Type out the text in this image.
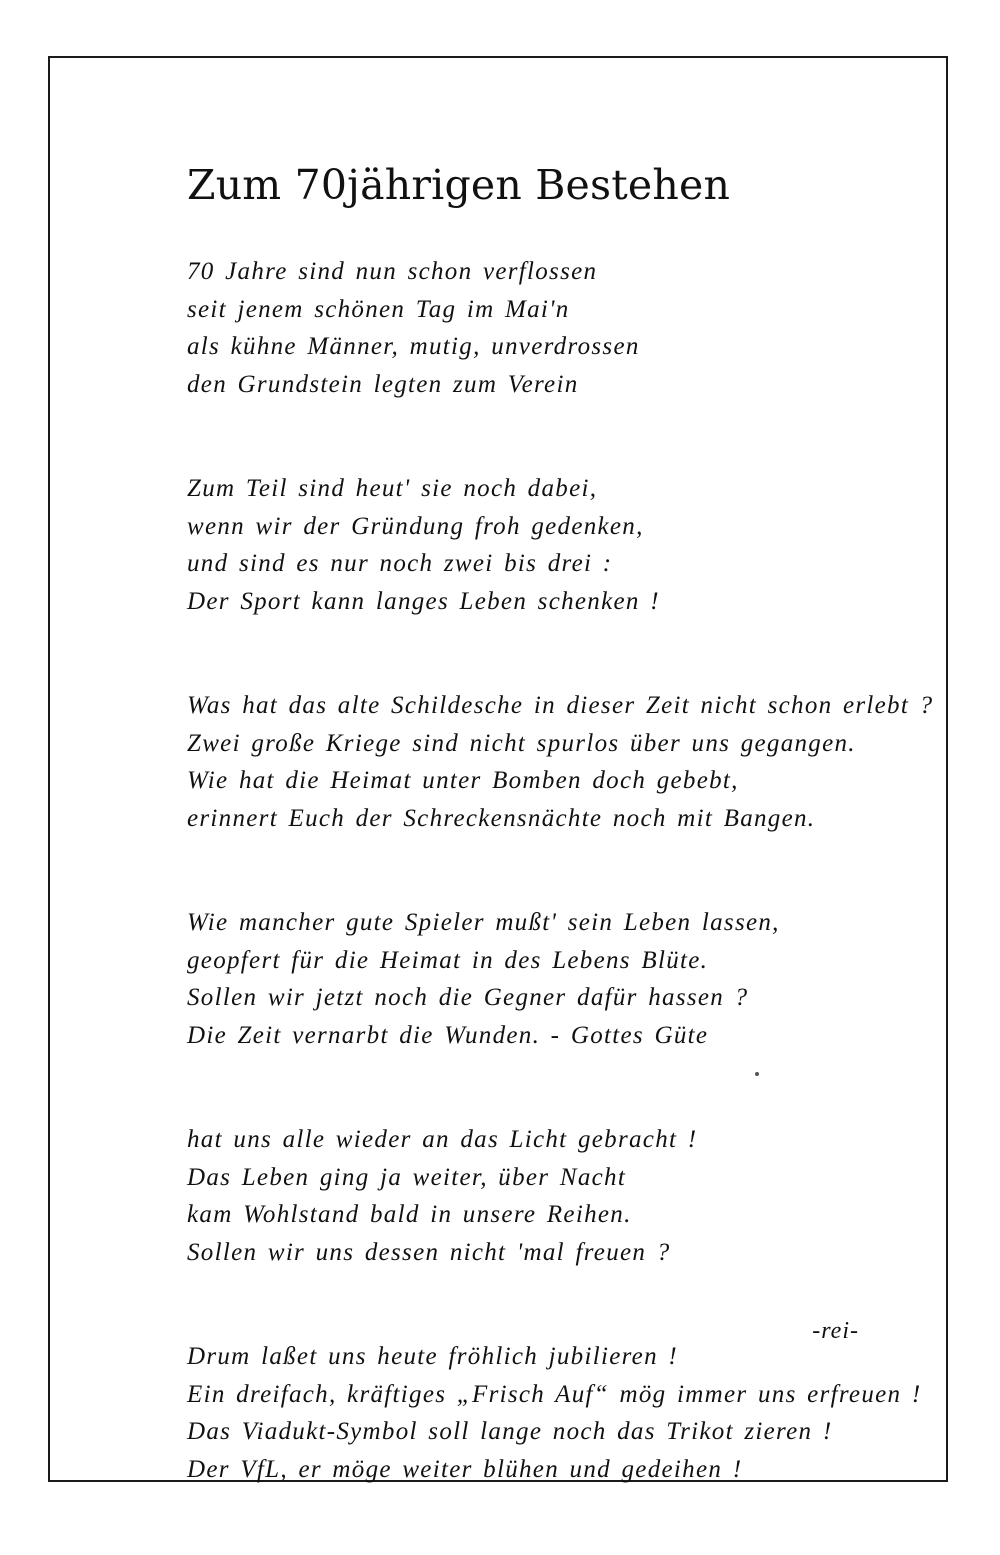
Zum 70jährigen Bestehen
70 Jahre sind nun schon verflossen
seit jenem schönen Tag im Mai'n
als kühne Männer, mutig, unverdrossen
den Grundstein legten zum Verein
Zum Teil sind heut' sie noch dabei,
wenn wir der Gründung froh gedenken,
und sind es nur noch zwei bis drei :
Der Sport kann langes Leben schenken !
Was hat das alte Schildesche in dieser Zeit nicht schon erlebt ?
Zwei große Kriege sind nicht spurlos über uns gegangen.
Wie hat die Heimat unter Bomben doch gebebt,
erinnert Euch der Schreckensnächte noch mit Bangen.
Wie mancher gute Spieler mußt' sein Leben lassen,
geopfert für die Heimat in des Lebens Blüte.
Sollen wir jetzt noch die Gegner dafür hassen ?
Die Zeit vernarbt die Wunden. - Gottes Güte
hat uns alle wieder an das Licht gebracht !
Das Leben ging ja weiter, über Nacht
kam Wohlstand bald in unsere Reihen.
Sollen wir uns dessen nicht 'mal freuen ?
Drum laßet uns heute fröhlich jubilieren !
Ein dreifach, kräftiges „Frisch Auf“ mög immer uns erfreuen !
Das Viadukt-Symbol soll lange noch das Trikot zieren !
Der VfL, er möge weiter blühen und gedeihen !
-rei-
